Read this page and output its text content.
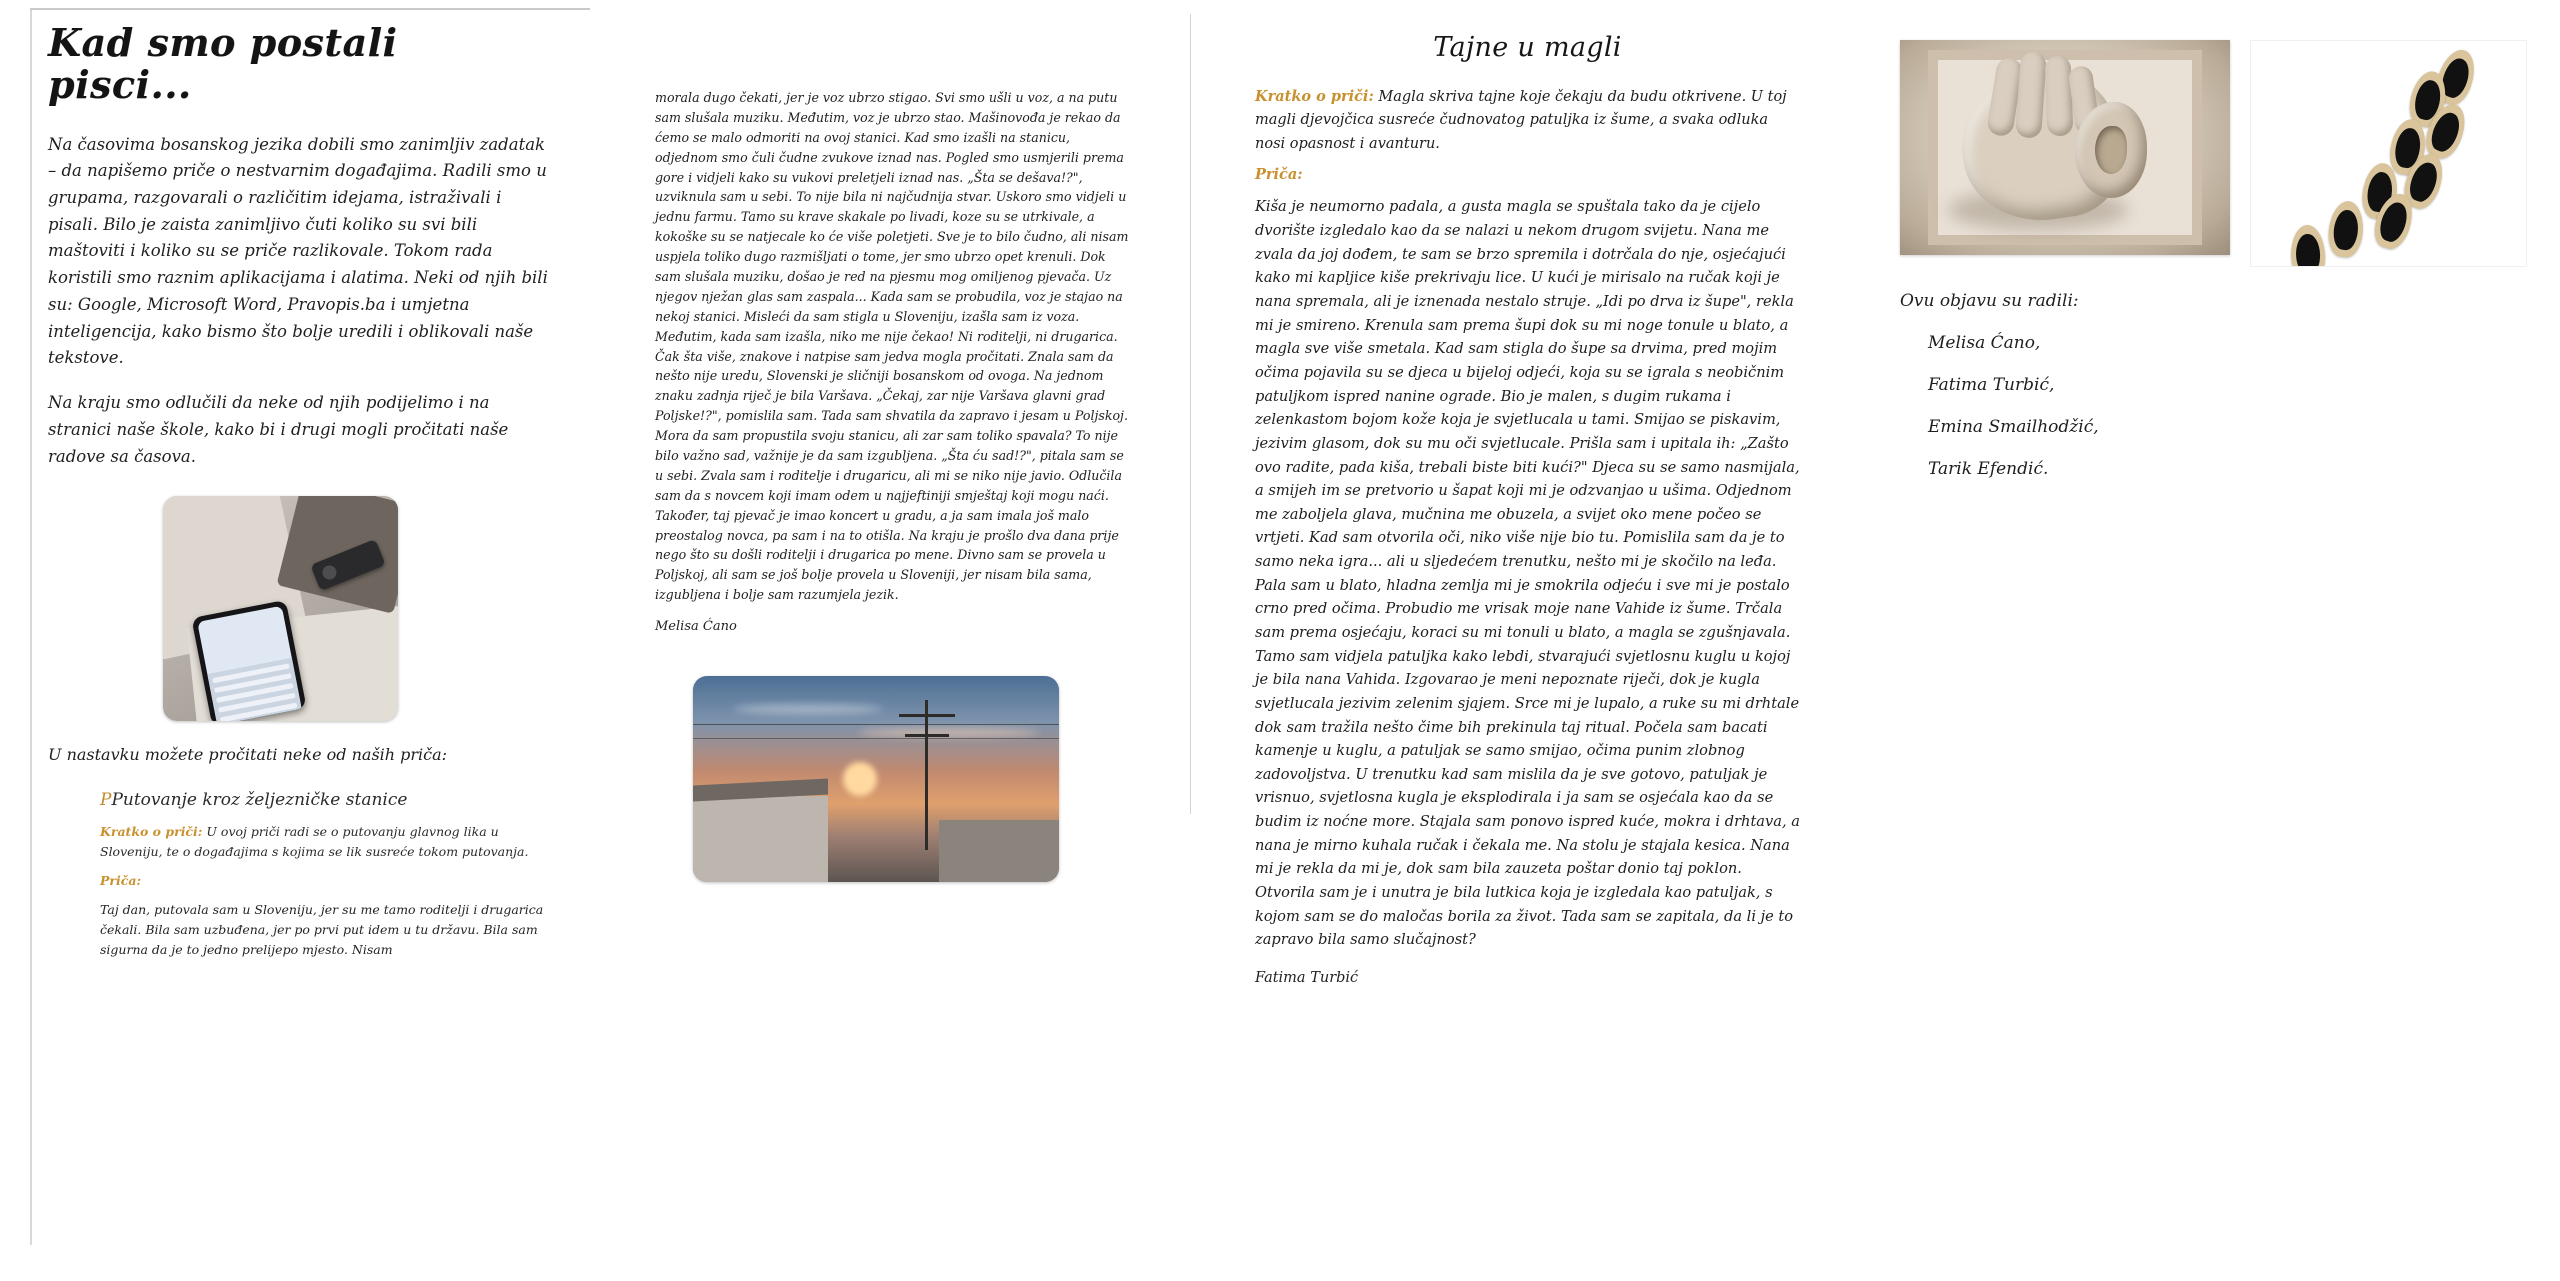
Kad smo postali pisci...

Na časovima bosanskog jezika dobili smo zanimljiv zadatak – da napišemo priče o nestvarnim događajima. Radili smo u grupama, razgovarali o različitim idejama, istraživali i pisali. Bilo je zaista zanimljivo čuti koliko su svi bili maštoviti i koliko su se priče razlikovale. Tokom rada koristili smo raznim aplikacijama i alatima. Neki od njih bili su: Google, Microsoft Word, Pravopis.ba i umjetna inteligencija, kako bismo što bolje uredili i oblikovali naše tekstove.

Na kraju smo odlučili da neke od njih podijelimo i na stranici naše škole, kako bi i drugi mogli pročitati naše radove sa časova.

U nastavku možete pročitati neke od naših priča:

PPutovanje kroz željezničke stanice

Kratko o priči: U ovoj priči radi se o putovanju glavnog lika u Sloveniju, te o događajima s kojima se lik susreće tokom putovanja.

Priča:

Taj dan, putovala sam u Sloveniju, jer su me tamo roditelji i drugarica čekali. Bila sam uzbuđena, jer po prvi put idem u tu državu. Bila sam sigurna da je to jedno prelijepo mjesto. Nisam

morala dugo čekati, jer je voz ubrzo stigao. Svi smo ušli u voz, a na putu sam slušala muziku. Međutim, voz je ubrzo stao. Mašinovođa je rekao da ćemo se malo odmoriti na ovoj stanici. Kad smo izašli na stanicu, odjednom smo čuli čudne zvukove iznad nas. Pogled smo usmjerili prema gore i vidjeli kako su vukovi preletjeli iznad nas. „Šta se dešava!?", uzviknula sam u sebi. To nije bila ni najčudnija stvar. Uskoro smo vidjeli u jednu farmu. Tamo su krave skakale po livadi, koze su se utrkivale, a kokoške su se natjecale ko će više poletjeti. Sve je to bilo čudno, ali nisam uspjela toliko dugo razmišljati o tome, jer smo ubrzo opet krenuli. Dok sam slušala muziku, došao je red na pjesmu mog omiljenog pjevača. Uz njegov nježan glas sam zaspala... Kada sam se probudila, voz je stajao na nekoj stanici. Misleći da sam stigla u Sloveniju, izašla sam iz voza. Međutim, kada sam izašla, niko me nije čekao! Ni roditelji, ni drugarica. Čak šta više, znakove i natpise sam jedva mogla pročitati. Znala sam da nešto nije uredu, Slovenski je sličniji bosanskom od ovoga. Na jednom znaku zadnja riječ je bila Varšava. „Čekaj, zar nije Varšava glavni grad Poljske!?", pomislila sam. Tada sam shvatila da zapravo i jesam u Poljskoj. Mora da sam propustila svoju stanicu, ali zar sam toliko spavala? To nije bilo važno sad, važnije je da sam izgubljena. „Šta ću sad!?", pitala sam se u sebi. Zvala sam i roditelje i drugaricu, ali mi se niko nije javio. Odlučila sam da s novcem koji imam odem u najjeftiniji smještaj koji mogu naći. Također, taj pjevač je imao koncert u gradu, a ja sam imala još malo preostalog novca, pa sam i na to otišla. Na kraju je prošlo dva dana prije nego što su došli roditelji i drugarica po mene. Divno sam se provela u Poljskoj, ali sam se još bolje provela u Sloveniji, jer nisam bila sama, izgubljena i bolje sam razumjela jezik.

Melisa Ćano
Tajne u magli

Kratko o priči: Magla skriva tajne koje čekaju da budu otkrivene. U toj magli djevojčica susreće čudnovatog patuljka iz šume, a svaka odluka nosi opasnost i avanturu.

Priča:

Kiša je neumorno padala, a gusta magla se spuštala tako da je cijelo dvorište izgledalo kao da se nalazi u nekom drugom svijetu. Nana me zvala da joj dođem, te sam se brzo spremila i dotrčala do nje, osjećajući kako mi kapljice kiše prekrivaju lice. U kući je mirisalo na ručak koji je nana spremala, ali je iznenada nestalo struje. „Idi po drva iz šupe", rekla mi je smireno. Krenula sam prema šupi dok su mi noge tonule u blato, a magla sve više smetala. Kad sam stigla do šupe sa drvima, pred mojim očima pojavila su se djeca u bijeloj odjeći, koja su se igrala s neobičnim patuljkom ispred nanine ograde. Bio je malen, s dugim rukama i zelenkastom bojom kože koja je svjetlucala u tami. Smijao se piskavim, jezivim glasom, dok su mu oči svjetlucale. Prišla sam i upitala ih: „Zašto ovo radite, pada kiša, trebali biste biti kući?" Djeca su se samo nasmijala, a smijeh im se pretvorio u šapat koji mi je odzvanjao u ušima. Odjednom me zaboljela glava, mučnina me obuzela, a svijet oko mene počeo se vrtjeti. Kad sam otvorila oči, niko više nije bio tu. Pomislila sam da je to samo neka igra... ali u sljedećem trenutku, nešto mi je skočilo na leđa. Pala sam u blato, hladna zemlja mi je smokrila odjeću i sve mi je postalo crno pred očima. Probudio me vrisak moje nane Vahide iz šume. Trčala sam prema osjećaju, koraci su mi tonuli u blato, a magla se zgušnjavala. Tamo sam vidjela patuljka kako lebdi, stvarajući svjetlosnu kuglu u kojoj je bila nana Vahida. Izgovarao je meni nepoznate riječi, dok je kugla svjetlucala jezivim zelenim sjajem. Srce mi je lupalo, a ruke su mi drhtale dok sam tražila nešto čime bih prekinula taj ritual. Počela sam bacati kamenje u kuglu, a patuljak se samo smijao, očima punim zlobnog zadovoljstva. U trenutku kad sam mislila da je sve gotovo, patuljak je vrisnuo, svjetlosna kugla je eksplodirala i ja sam se osjećala kao da se budim iz noćne more. Stajala sam ponovo ispred kuće, mokra i drhtava, a nana je mirno kuhala ručak i čekala me. Na stolu je stajala kesica. Nana mi je rekla da mi je, dok sam bila zauzeta poštar donio taj poklon. Otvorila sam je i unutra je bila lutkica koja je izgledala kao patuljak, s kojom sam se do maločas borila za život. Tada sam se zapitala, da li je to zapravo bila samo slučajnost?

Fatima Turbić
Ovu objavu su radili:
Melisa Ćano,
Fatima Turbić,
Emina Smailhodžić,
Tarik Efendić.
